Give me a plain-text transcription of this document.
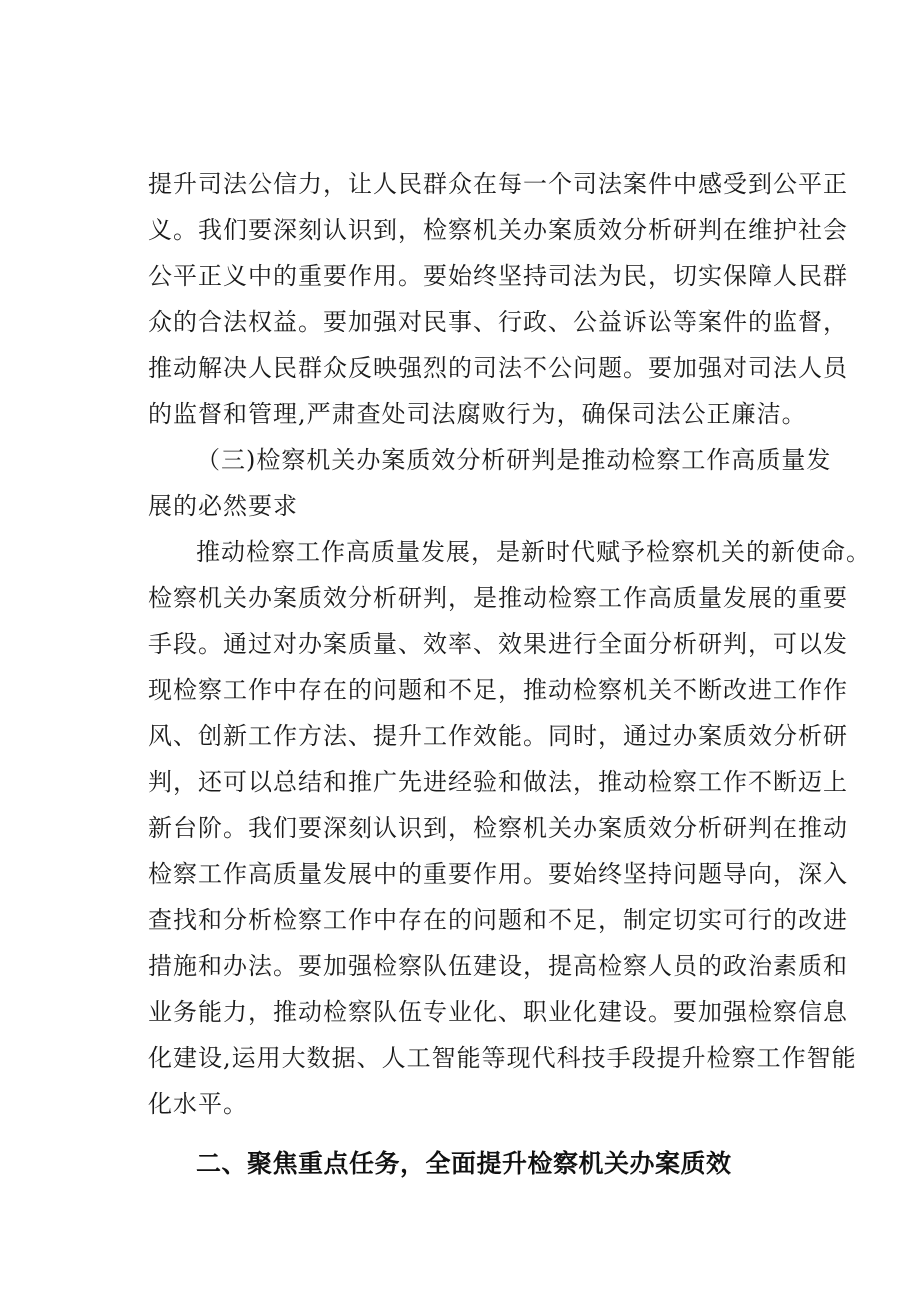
提升司法公信力，让人民群众在每一个司法案件中感受到公平正
义。我们要深刻认识到，检察机关办案质效分析研判在维护社会
公平正义中的重要作用。要始终坚持司法为民，切实保障人民群
众的合法权益。要加强对民事、行政、公益诉讼等案件的监督，
推动解决人民群众反映强烈的司法不公问题。要加强对司法人员
的监督和管理,严肃查处司法腐败行为，确保司法公正廉洁。
（三)检察机关办案质效分析研判是推动检察工作高质量发
展的必然要求
推动检察工作高质量发展，是新时代赋予检察机关的新使命。
检察机关办案质效分析研判，是推动检察工作高质量发展的重要
手段。通过对办案质量、效率、效果进行全面分析研判，可以发
现检察工作中存在的问题和不足，推动检察机关不断改进工作作
风、创新工作方法、提升工作效能。同时，通过办案质效分析研
判，还可以总结和推广先进经验和做法，推动检察工作不断迈上
新台阶。我们要深刻认识到，检察机关办案质效分析研判在推动
检察工作高质量发展中的重要作用。要始终坚持问题导向，深入
查找和分析检察工作中存在的问题和不足，制定切实可行的改进
措施和办法。要加强检察队伍建设，提高检察人员的政治素质和
业务能力，推动检察队伍专业化、职业化建设。要加强检察信息
化建设,运用大数据、人工智能等现代科技手段提升检察工作智能
化水平。
二、聚焦重点任务，全面提升检察机关办案质效
